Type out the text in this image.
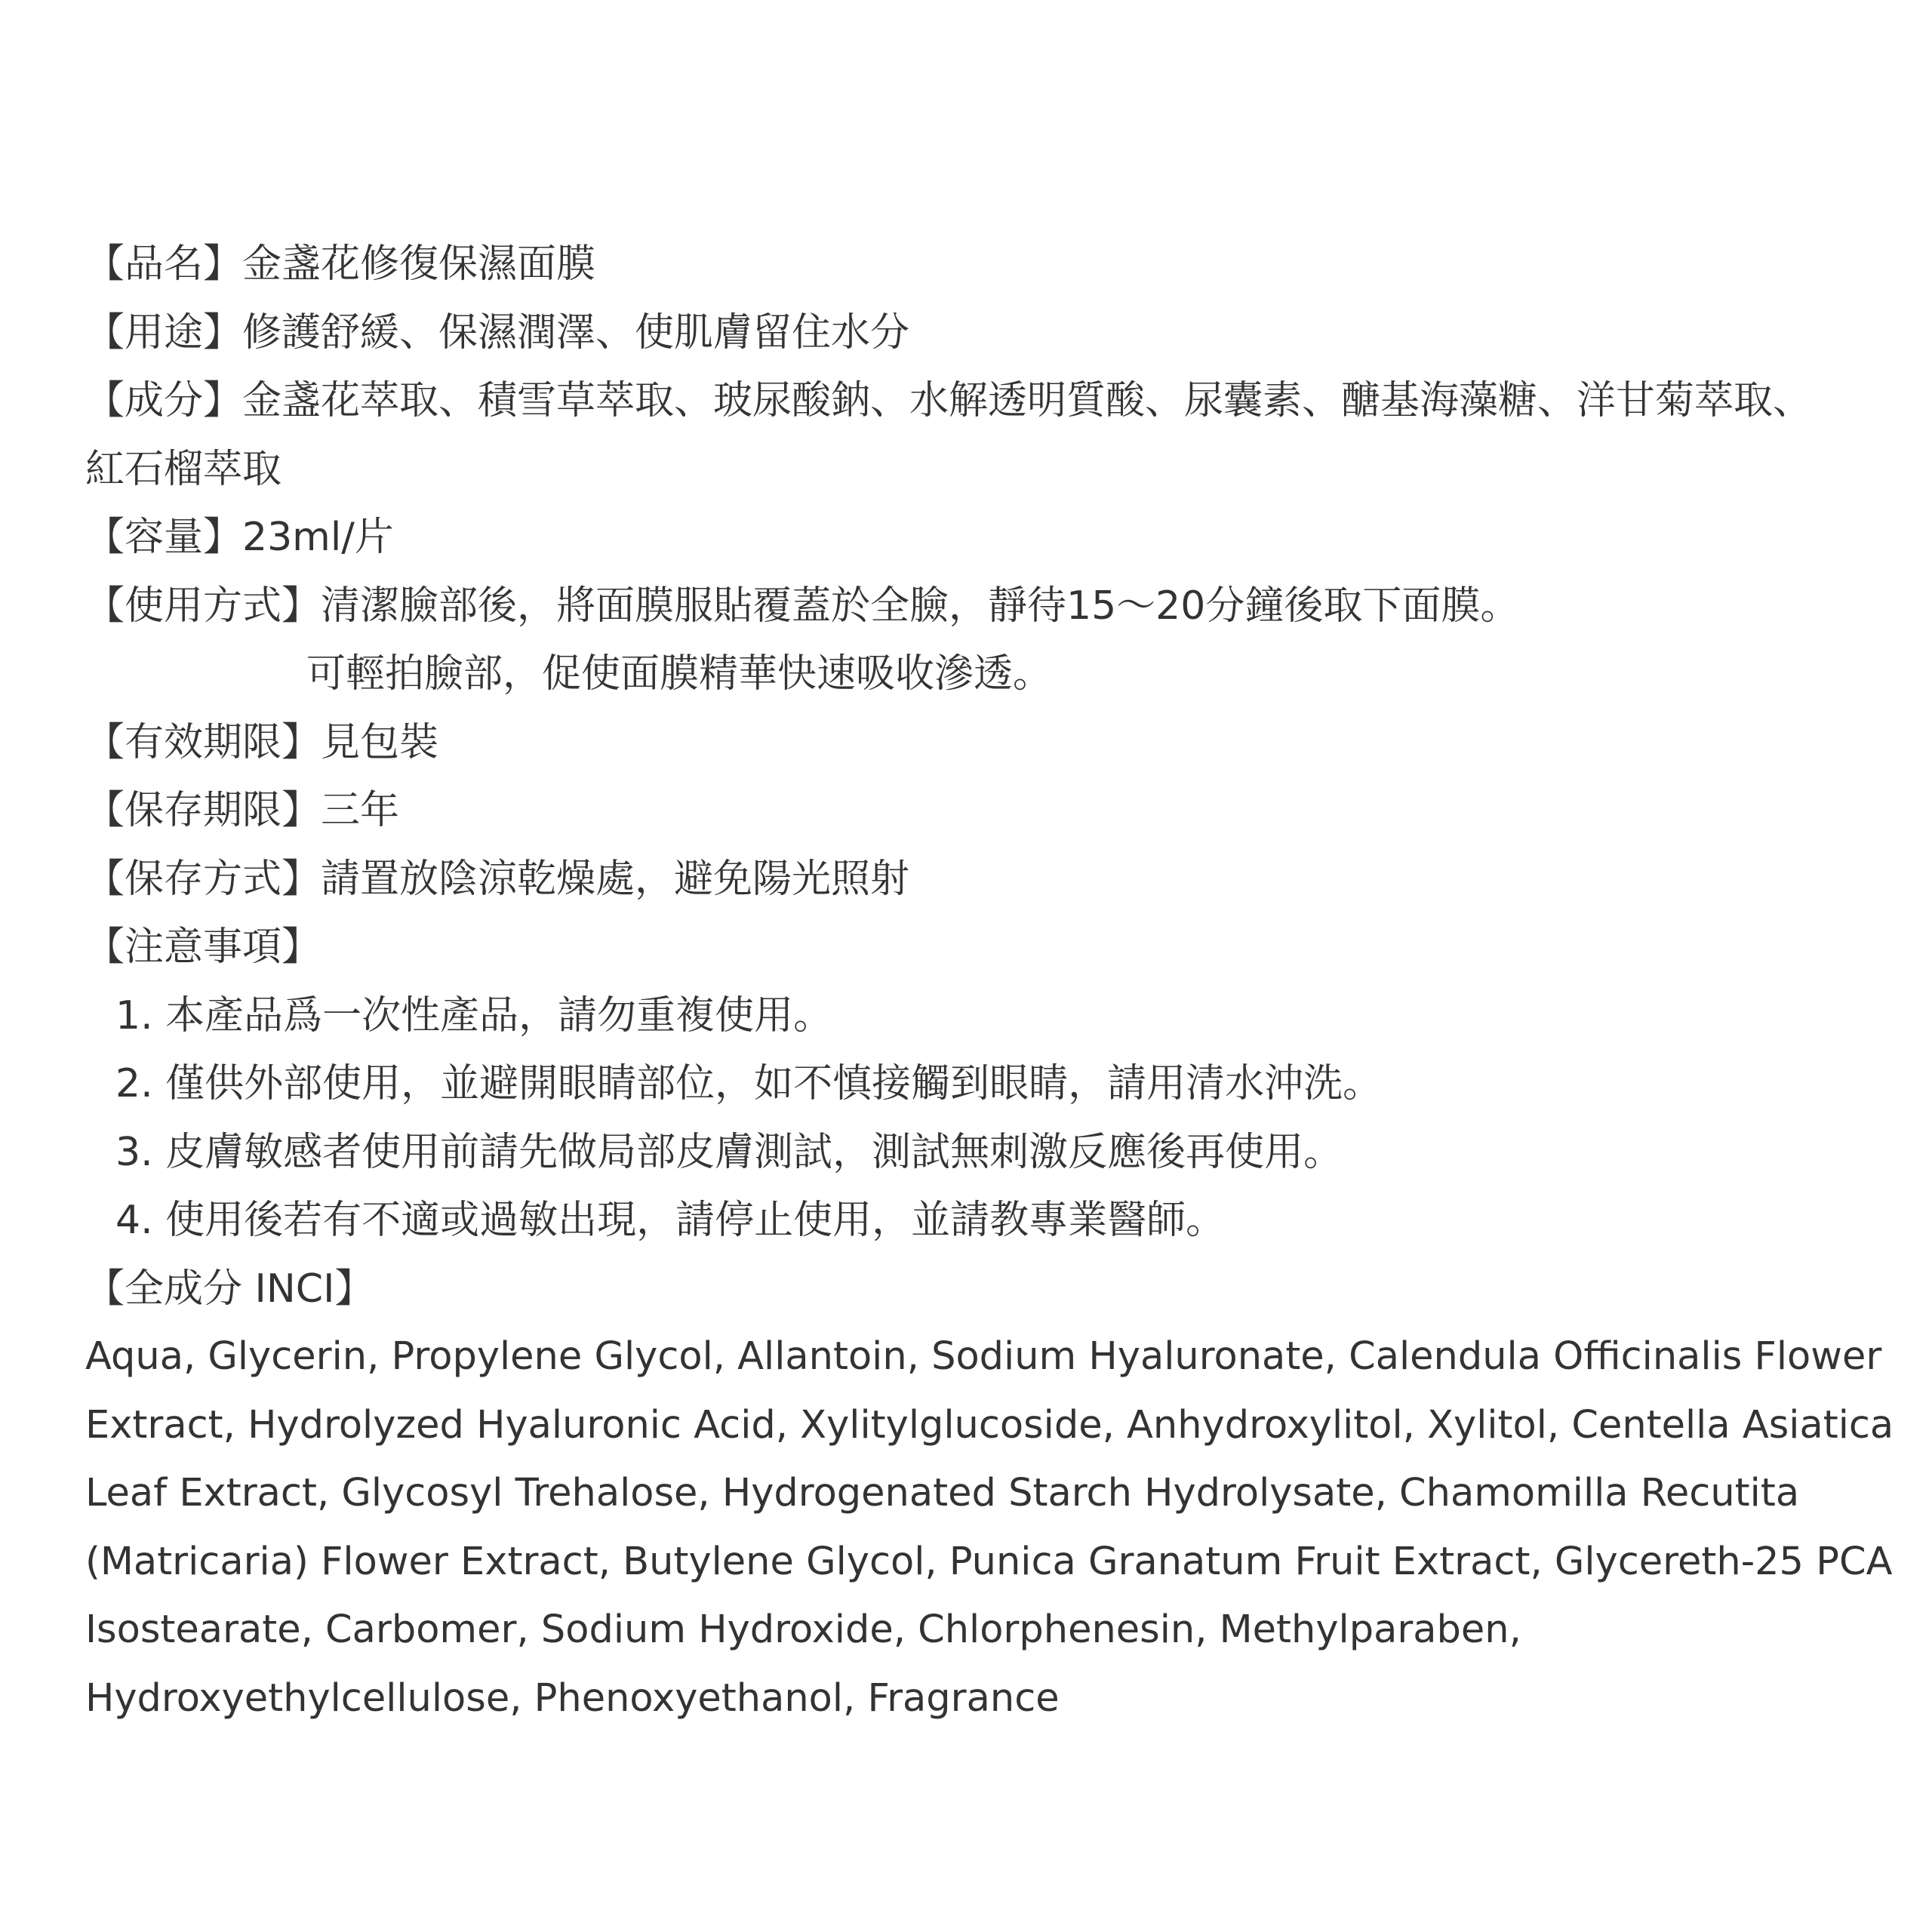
【品名】金盞花修復保濕面膜
【用途】修護舒緩、保濕潤澤、使肌膚留住水分
【成分】金盞花萃取、積雪草萃取、玻尿酸鈉、水解透明質酸、尿囊素、醣基海藻糖、洋甘菊萃取、
紅石榴萃取
【容量】23ml/片
【使用方式】清潔臉部後，將面膜服貼覆蓋於全臉，靜待15～20分鐘後取下面膜。
可輕拍臉部，促使面膜精華快速吸收滲透。
【有效期限】見包裝
【保存期限】三年
【保存方式】請置放陰涼乾燥處，避免陽光照射
【注意事項】
1. 本產品爲一次性產品，請勿重複使用。
2. 僅供外部使用，並避開眼睛部位，如不慎接觸到眼睛，請用清水沖洗。
3. 皮膚敏感者使用前請先做局部皮膚測試，測試無刺激反應後再使用。
4. 使用後若有不適或過敏出現，請停止使用，並請教專業醫師。
【全成分 INCI】
Aqua, Glycerin, Propylene Glycol, Allantoin, Sodium Hyaluronate, Calendula Officinalis Flower
Extract, Hydrolyzed Hyaluronic Acid, Xylitylglucoside, Anhydroxylitol, Xylitol, Centella Asiatica
Leaf Extract, Glycosyl Trehalose, Hydrogenated Starch Hydrolysate, Chamomilla Recutita
(Matricaria) Flower Extract, Butylene Glycol, Punica Granatum Fruit Extract, Glycereth-25 PCA
Isostearate, Carbomer, Sodium Hydroxide, Chlorphenesin, Methylparaben,
Hydroxyethylcellulose, Phenoxyethanol, Fragrance
